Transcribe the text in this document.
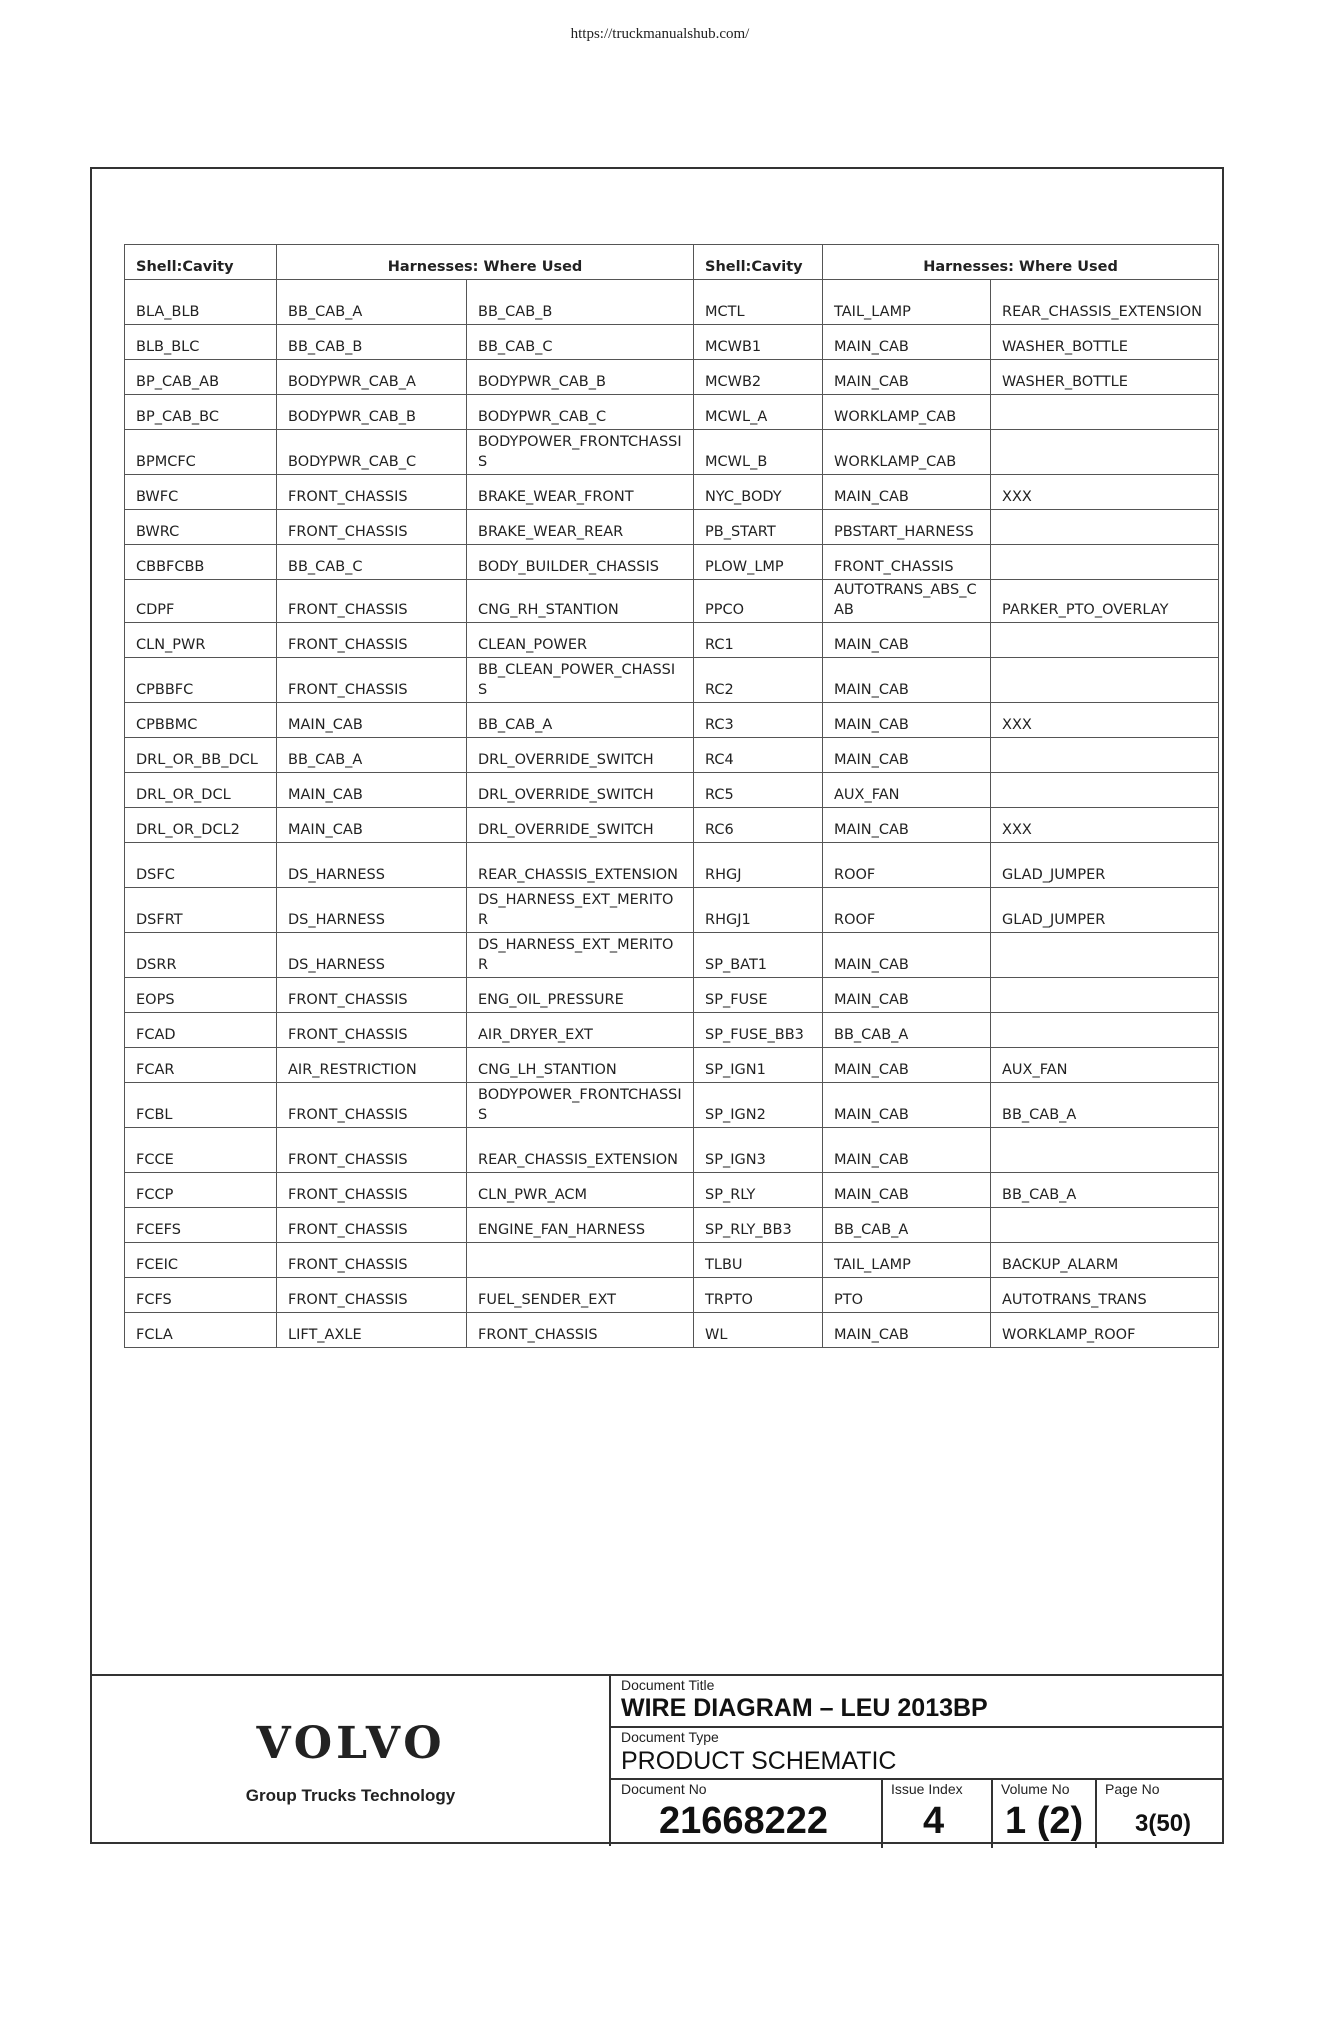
https://truckmanualshub.com/
Shell:Cavity	Harnesses: Where Used		Shell:Cavity	Harnesses: Where Used	
BLA_BLB	BB_CAB_A	BB_CAB_B	MCTL	TAIL_LAMP	REAR_CHASSIS_EXTENSION
BLB_BLC	BB_CAB_B	BB_CAB_C	MCWB1	MAIN_CAB	WASHER_BOTTLE
BP_CAB_AB	BODYPWR_CAB_A	BODYPWR_CAB_B	MCWB2	MAIN_CAB	WASHER_BOTTLE
BP_CAB_BC	BODYPWR_CAB_B	BODYPWR_CAB_C	MCWL_A	WORKLAMP_CAB	
BPMCFC	BODYPWR_CAB_C	BODYPOWER_FRONTCHASSIS	MCWL_B	WORKLAMP_CAB	
BWFC	FRONT_CHASSIS	BRAKE_WEAR_FRONT	NYC_BODY	MAIN_CAB	XXX
BWRC	FRONT_CHASSIS	BRAKE_WEAR_REAR	PB_START	PBSTART_HARNESS	
CBBFCBB	BB_CAB_C	BODY_BUILDER_CHASSIS	PLOW_LMP	FRONT_CHASSIS	
CDPF	FRONT_CHASSIS	CNG_RH_STANTION	PPCO	AUTOTRANS_ABS_CAB	PARKER_PTO_OVERLAY
CLN_PWR	FRONT_CHASSIS	CLEAN_POWER	RC1	MAIN_CAB	
CPBBFC	FRONT_CHASSIS	BB_CLEAN_POWER_CHASSIS	RC2	MAIN_CAB	
CPBBMC	MAIN_CAB	BB_CAB_A	RC3	MAIN_CAB	XXX
DRL_OR_BB_DCL	BB_CAB_A	DRL_OVERRIDE_SWITCH	RC4	MAIN_CAB	
DRL_OR_DCL	MAIN_CAB	DRL_OVERRIDE_SWITCH	RC5	AUX_FAN	
DRL_OR_DCL2	MAIN_CAB	DRL_OVERRIDE_SWITCH	RC6	MAIN_CAB	XXX
DSFC	DS_HARNESS	REAR_CHASSIS_EXTENSION	RHGJ	ROOF	GLAD_JUMPER
DSFRT	DS_HARNESS	DS_HARNESS_EXT_MERITOR	RHGJ1	ROOF	GLAD_JUMPER
DSRR	DS_HARNESS	DS_HARNESS_EXT_MERITOR	SP_BAT1	MAIN_CAB	
EOPS	FRONT_CHASSIS	ENG_OIL_PRESSURE	SP_FUSE	MAIN_CAB	
FCAD	FRONT_CHASSIS	AIR_DRYER_EXT	SP_FUSE_BB3	BB_CAB_A	
FCAR	AIR_RESTRICTION	CNG_LH_STANTION	SP_IGN1	MAIN_CAB	AUX_FAN
FCBL	FRONT_CHASSIS	BODYPOWER_FRONTCHASSIS	SP_IGN2	MAIN_CAB	BB_CAB_A
FCCE	FRONT_CHASSIS	REAR_CHASSIS_EXTENSION	SP_IGN3	MAIN_CAB	
FCCP	FRONT_CHASSIS	CLN_PWR_ACM	SP_RLY	MAIN_CAB	BB_CAB_A
FCEFS	FRONT_CHASSIS	ENGINE_FAN_HARNESS	SP_RLY_BB3	BB_CAB_A	
FCEIC	FRONT_CHASSIS		TLBU	TAIL_LAMP	BACKUP_ALARM
FCFS	FRONT_CHASSIS	FUEL_SENDER_EXT	TRPTO	PTO	AUTOTRANS_TRANS
FCLA	LIFT_AXLE	FRONT_CHASSIS	WL	MAIN_CAB	WORKLAMP_ROOF
VOLVO
Group Trucks Technology
Document Title
WIRE DIAGRAM – LEU 2013BP
Document Type
PRODUCT SCHEMATIC
Document No
21668222
Issue Index
4
Volume No
1 (2)
Page No
3(50)
